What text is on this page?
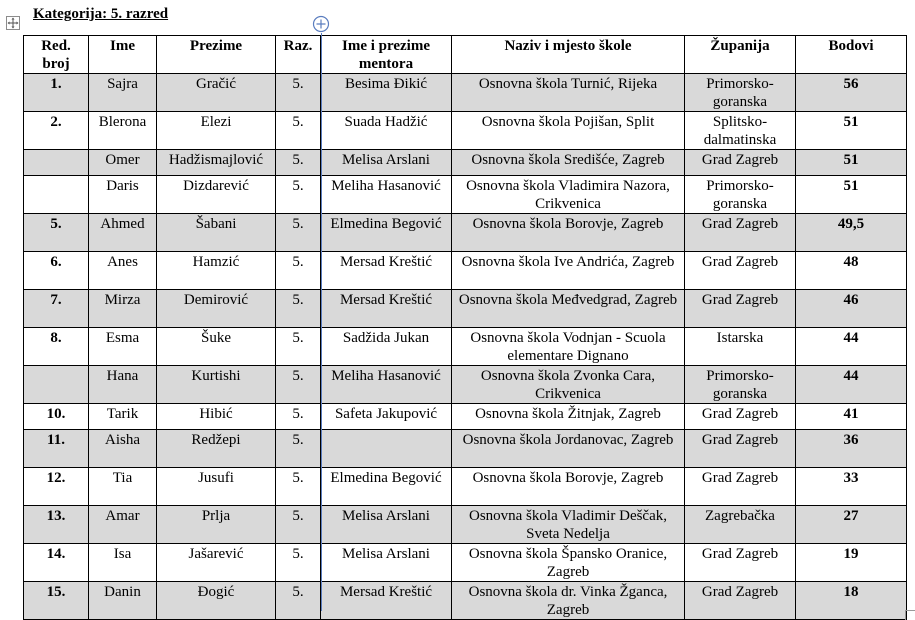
Kategorija: 5. razred
Red. broj	Ime	Prezime	Raz.	Ime i prezime mentora	Naziv i mjesto škole	Županija	Bodovi
1.	Sajra	Gračić	5.	Besima Đikić	Osnovna škola Turnić, Rijeka	Primorsko-goranska	56
2.	Blerona	Elezi	5.	Suada Hadžić	Osnovna škola Pojišan, Split	Splitsko-dalmatinska	51
	Omer	Hadžismajlović	5.	Melisa Arslani	Osnovna škola Središće, Zagreb	Grad Zagreb	51
	Daris	Dizdarević	5.	Meliha Hasanović	Osnovna škola Vladimira Nazora, Crikvenica	Primorsko-goranska	51
5.	Ahmed	Šabani	5.	Elmedina Begović	Osnovna škola Borovje, Zagreb	Grad Zagreb	49,5
6.	Anes	Hamzić	5.	Mersad Kreštić	Osnovna škola Ive Andrića, Zagreb	Grad Zagreb	48
7.	Mirza	Demirović	5.	Mersad Kreštić	Osnovna škola Međvedgrad, Zagreb	Grad Zagreb	46
8.	Esma	Šuke	5.	Sadžida Jukan	Osnovna škola Vodnjan - Scuola elementare Dignano	Istarska	44
	Hana	Kurtishi	5.	Meliha Hasanović	Osnovna škola Zvonka Cara, Crikvenica	Primorsko-goranska	44
10.	Tarik	Hibić	5.	Safeta Jakupović	Osnovna škola Žitnjak, Zagreb	Grad Zagreb	41
11.	Aisha	Redžepi	5.		Osnovna škola Jordanovac, Zagreb	Grad Zagreb	36
12.	Tia	Jusufi	5.	Elmedina Begović	Osnovna škola Borovje, Zagreb	Grad Zagreb	33
13.	Amar	Prlja	5.	Melisa Arslani	Osnovna škola Vladimir Deščak, Sveta Nedelja	Zagrebačka	27
14.	Isa	Jašarević	5.	Melisa Arslani	Osnovna škola Špansko Oranice, Zagreb	Grad Zagreb	19
15.	Danin	Đogić	5.	Mersad Kreštić	Osnovna škola dr. Vinka Žganca, Zagreb	Grad Zagreb	18
